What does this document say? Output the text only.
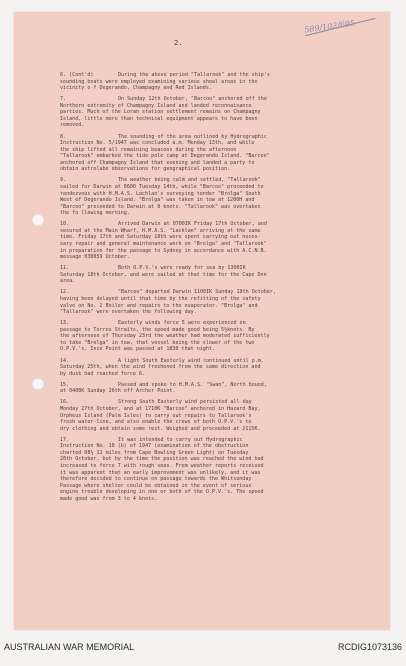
589/102/695
2.

6. (Cont'd)	During the above period "Tallarook" and the ship's

sounding boats were employed examining various shoal areas in the

vicinity o f Degerando, Champagny and Red Islands.

7.	On Sunday 12th October, "Barcoo" anchored off the

Northern extremity of Champagny Island and landed reconnaisance

parties. Much of the Loran station settlement remains on Champagny

Island, little more than technical equipment appears to have been

removed.

8.	The sounding of the area outlined by Hydrographic

Instruction No. 5/1947 was concluded a.m. Monday 13th, and while

the ship lifted all remaining beacons during the afternoon

"Tallarook" embarked the tide pole camp at Degerando Island. "Barcoo"

anchored off Champagny Island that evening and landed a party to

obtain astrolabe observations for geographical position.

9.	The weather being calm and settled, "Tallarook"

sailed for Darwin at 0600 Tuesday 14th, while "Barcoo" proceeded to

rendezvous with H.M.A.S. Lachlan's surveying tender "Brolga" South

West of Degerando Island. "Brolga" was taken in tow at 1200H and

"Barcoo" proceeded to Darwin at 9 knots. "Tallarook" was overtaken

the fo llowing morning.

10.	Arrived Darwin at 0700IK Friday 17th October, and

secured at the Main Wharf, H.M.A.S. "Lachlan" arriving at the same

time. Friday 17th and Saturday 18th were spent carrying out neces-

sary repair and general maintenance work on "Brolga" and "Tallarook"

in preparation for the passage to Sydney in accordance with A.C.N.B.

message 030059 October.

11.	Both O.P.V.'s were ready for sea by 1300IK

Saturday 18th October, and were sailed at that time for the Cape Don

area.

12.	"Barcoo" departed Darwin 1100IK Sunday 19th October,

having been delayed until that time by the refitting of the safety

valve on No. 2 Boiler and repairs to the evaporator. "Brolga" and

"Tallarook" were overtaken the following day.

13.	Easterly winds force 5 were experienced on

passage to Torres Straits, the speed made good being 5½knots. By

the afternoon of Thursday 23rd the weather had moderated sufficiently

to take "Brolga" in tow, that vessel being the slower of the two

O.P.V.'s. Ince Point was passed at 1830 that night.

14.	A light South Easterly wind continued until p.m.

Saturday 25th, when the wind freshened from the same direction and

by dusk had reached force 6.

15.	Passed and spoke to H.M.A.S. "Swan", North bound,

at 0400K Sunday 26th off Archer Point.

16.	Strong South Easterly wind persisted all day

Monday 27th October, and at 1710K "Barcoo" anchored in Hazard Bay,

Orpheus Island (Palm Isles) to carry out repairs to Tallarook's

fresh water-line, and also enable the crews of both O.P.V.'s to

dry clothing and obtain some rest. Weighed and proceeded at 2115K.

17.	It was intended to carry out Hydrographic

Instruction No. 10 (b) of 1947 (examination of the obstruction

charted 08½ 11 miles from Cape Bowling Green Light) on Tuesday

28th October, but by the time the position was reached the wind had

increased to force 7 with rough seas. From weather reports received

it was apparent that an early improvement was unlikely, and it was

therefore decided to continue on passage towards the Whitsunday

Passage where shelter could be obtained in the event of serious

engine trouble developing in one or both of the O.P.V.'s. The speed

made good was from 3 to 4 knots.

AUSTRALIAN WAR MEMORIAL	RCDIG1073136
